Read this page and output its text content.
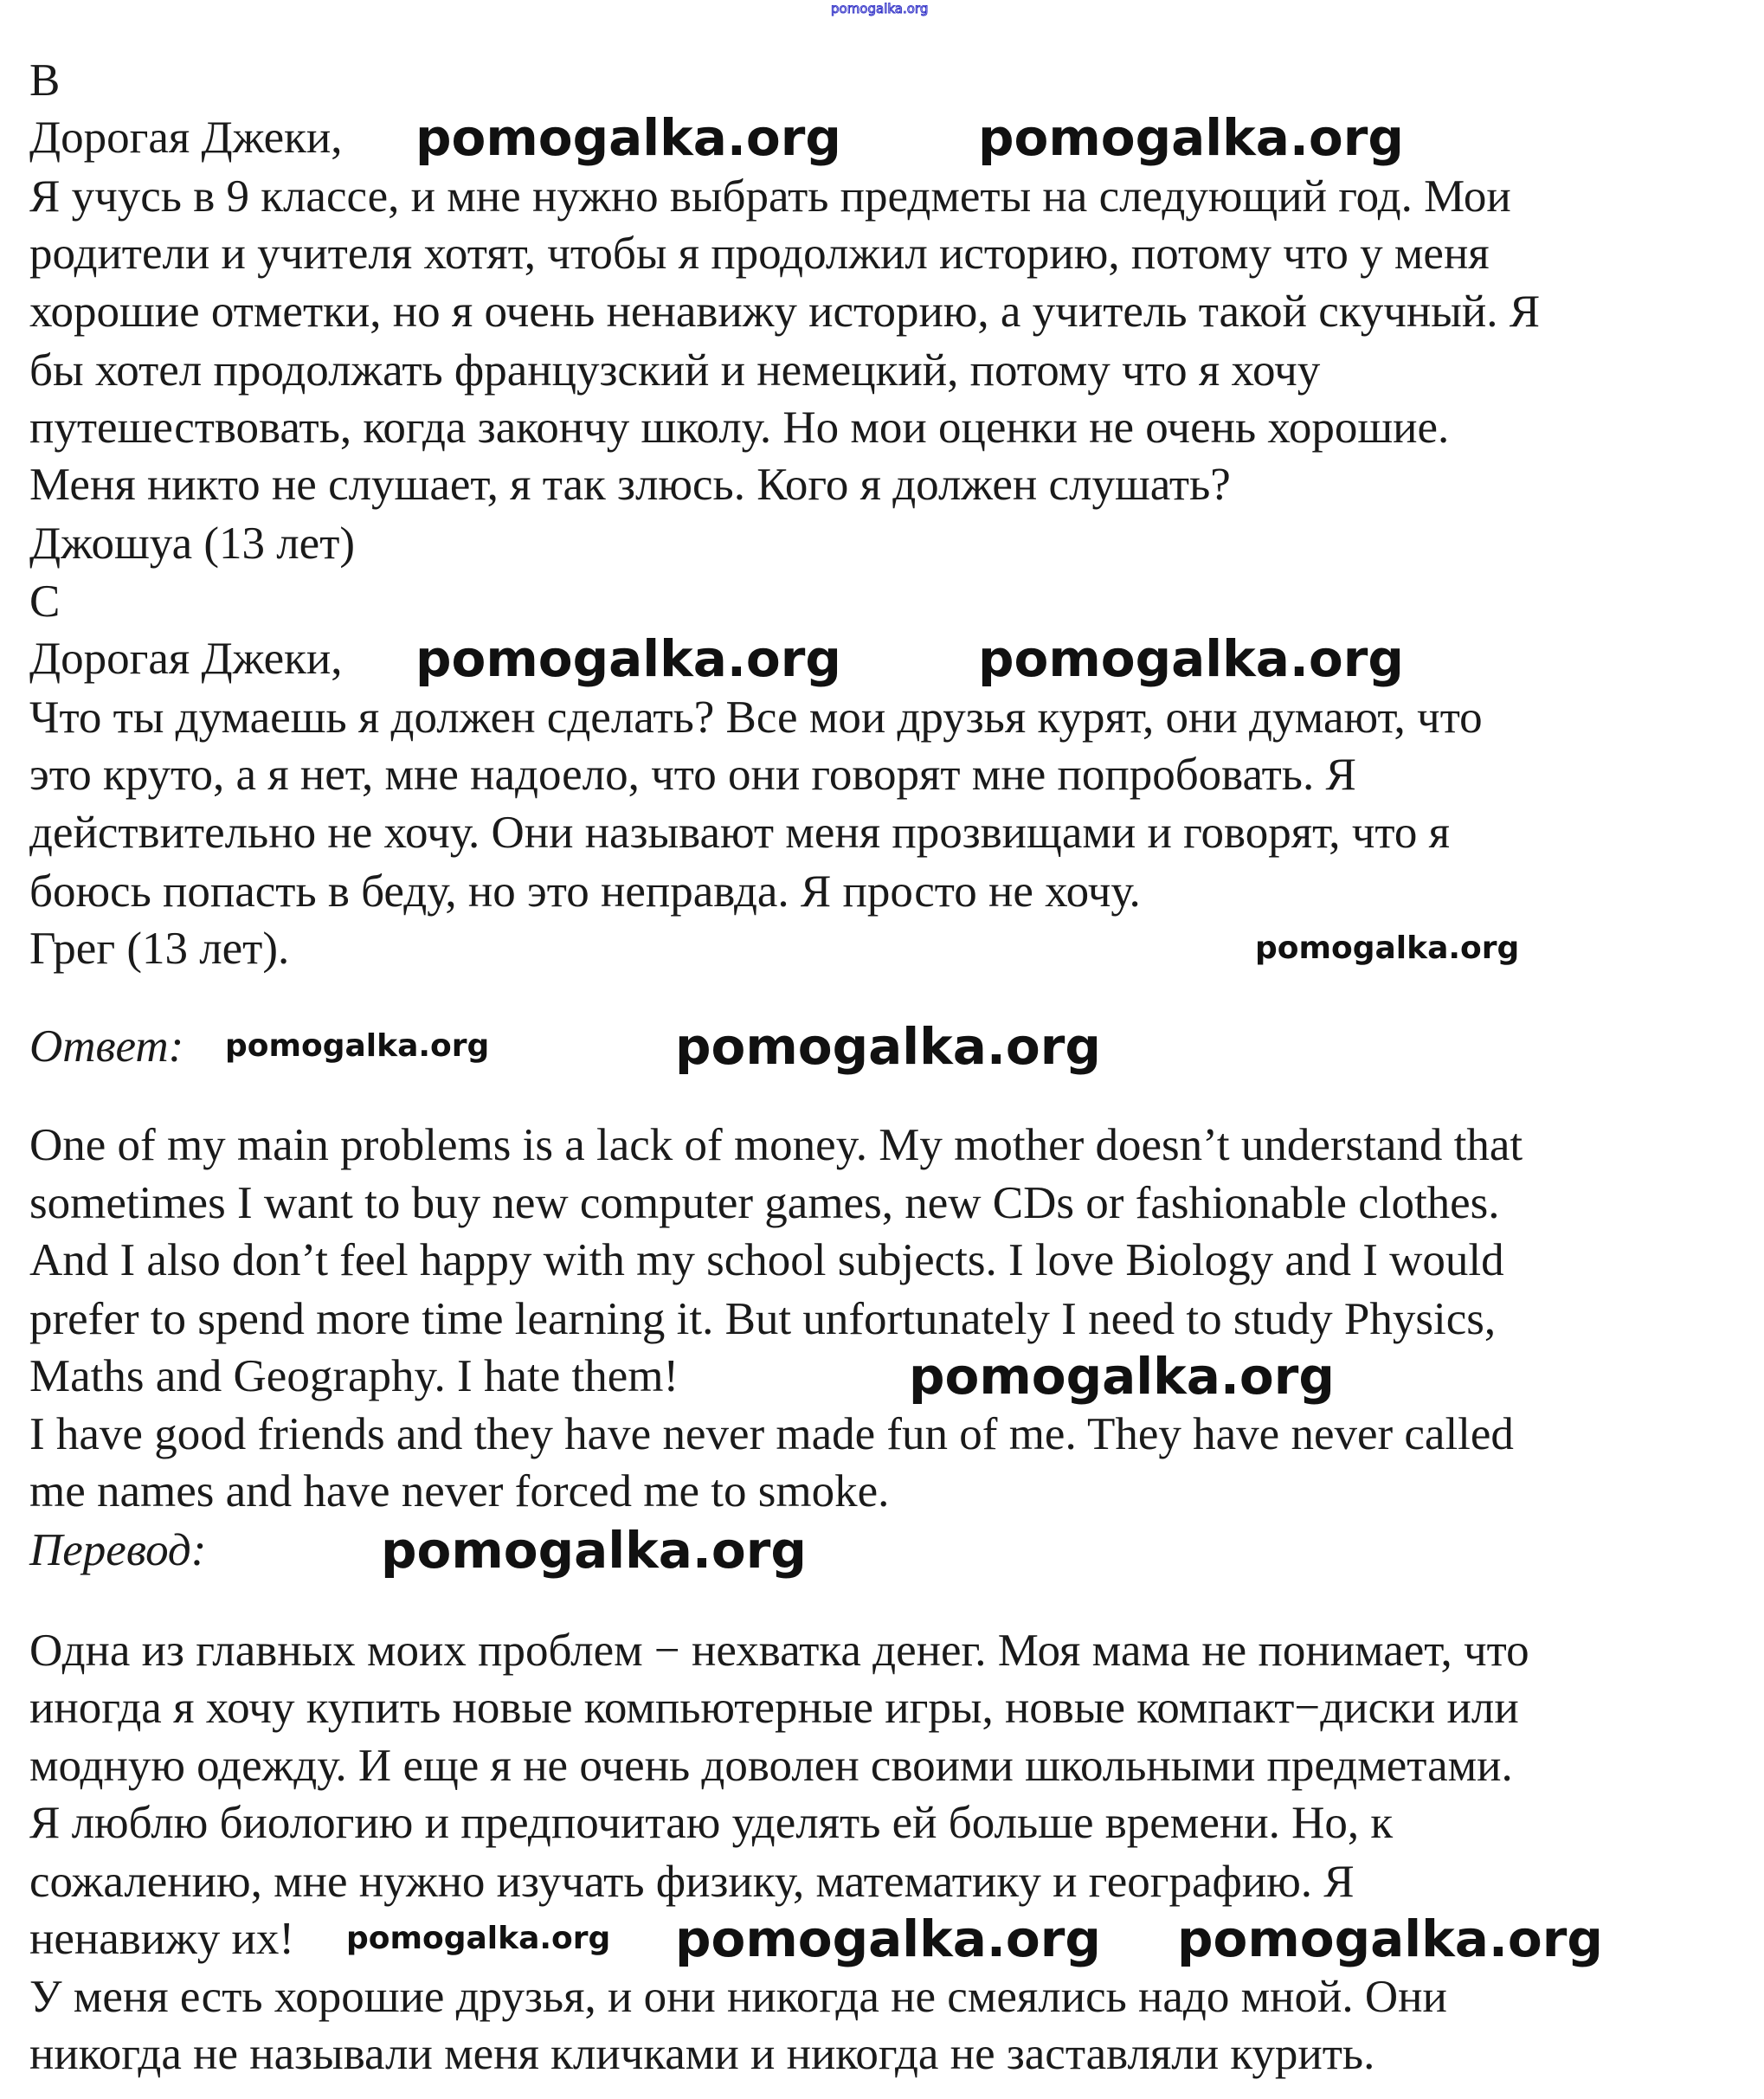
pomogalka.org
B
Дорогая Джеки,
Я учусь в 9 классе, и мне нужно выбрать предметы на следующий год. Мои
родители и учителя хотят, чтобы я продолжил историю, потому что у меня
хорошие отметки, но я очень ненавижу историю, а учитель такой скучный. Я
бы хотел продолжать французский и немецкий, потому что я хочу
путешествовать, когда закончу школу. Но мои оценки не очень хорошие.
Меня никто не слушает, я так злюсь. Кого я должен слушать?
Джошуа (13 лет)
C
Дорогая Джеки,
Что ты думаешь я должен сделать? Все мои друзья курят, они думают, что
это круто, а я нет, мне надоело, что они говорят мне попробовать. Я
действительно не хочу. Они называют меня прозвищами и говорят, что я
боюсь попасть в беду, но это неправда. Я просто не хочу.
Грег (13 лет).
Ответ:
One of my main problems is a lack of money. My mother doesn’t understand that
sometimes I want to buy new computer games, new CDs or fashionable clothes.
And I also don’t feel happy with my school subjects. I love Biology and I would
prefer to spend more time learning it. But unfortunately I need to study Physics,
Maths and Geography. I hate them!
I have good friends and they have never made fun of me. They have never called
me names and have never forced me to smoke.
Перевод:
Одна из главных моих проблем − нехватка денег. Моя мама не понимает, что
иногда я хочу купить новые компьютерные игры, новые компакт−диски или
модную одежду. И еще я не очень доволен своими школьными предметами.
Я люблю биологию и предпочитаю уделять ей больше времени. Но, к
сожалению, мне нужно изучать физику, математику и географию. Я
ненавижу их!
У меня есть хорошие друзья, и они никогда не смеялись надо мной. Они
никогда не называли меня кличками и никогда не заставляли курить.
pomogalka.org	pomogalka.org
pomogalka.org	pomogalka.org
pomogalka.org
pomogalka.org	pomogalka.org
pomogalka.org
pomogalka.org
pomogalka.org pomogalka.org pomogalka.org
